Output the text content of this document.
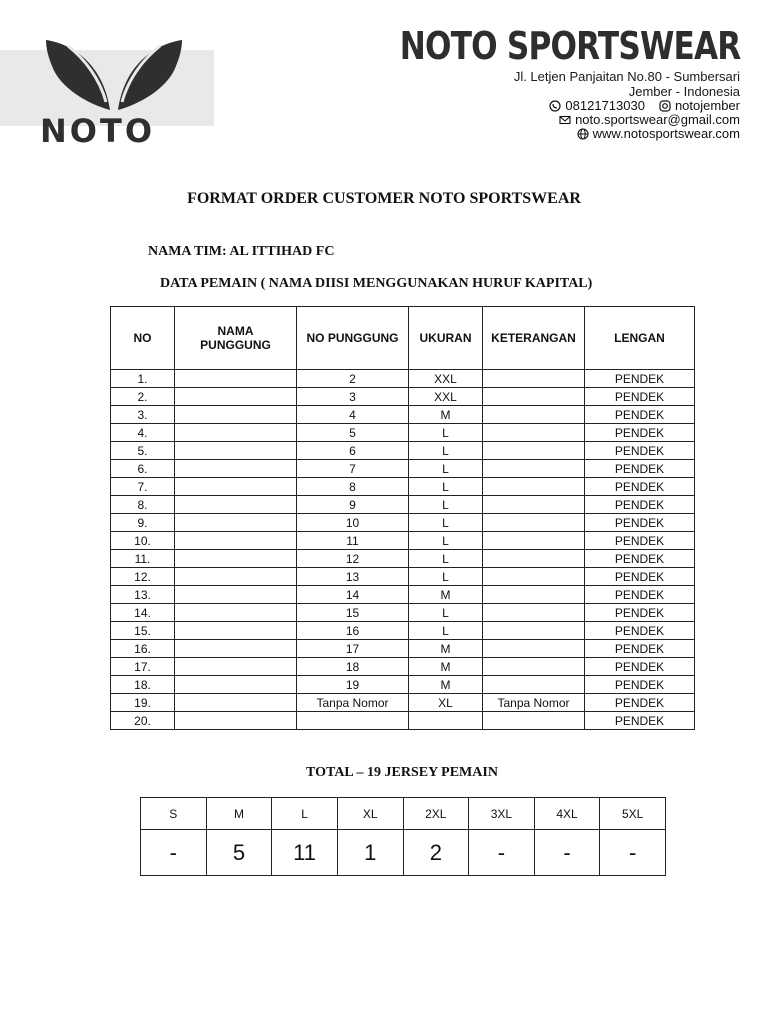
NOTO
NOTO SPORTSWEAR
Jl. Letjen Panjaitan No.80 - Sumbersari
Jember - Indonesia
08121713030 notojember
noto.sportswear@gmail.com
www.notosportswear.com
FORMAT ORDER CUSTOMER NOTO SPORTSWEAR
NAMA TIM: AL ITTIHAD FC
DATA PEMAIN ( NAMA DIISI MENGGUNAKAN HURUF KAPITAL)
NO	NAMA PUNGGUNG	NO PUNGGUNG	UKURAN	KETERANGAN	LENGAN
1.		2	XXL		PENDEK
2.		3	XXL		PENDEK
3.		4	M		PENDEK
4.		5	L		PENDEK
5.		6	L		PENDEK
6.		7	L		PENDEK
7.		8	L		PENDEK
8.		9	L		PENDEK
9.		10	L		PENDEK
10.		11	L		PENDEK
11.		12	L		PENDEK
12.		13	L		PENDEK
13.		14	M		PENDEK
14.		15	L		PENDEK
15.		16	L		PENDEK
16.		17	M		PENDEK
17.		18	M		PENDEK
18.		19	M		PENDEK
19.		Tanpa Nomor	XL	Tanpa Nomor	PENDEK
20.					PENDEK
TOTAL – 19 JERSEY PEMAIN
S	M	L	XL	2XL	3XL	4XL	5XL
-	5	11	1	2	-	-	-
